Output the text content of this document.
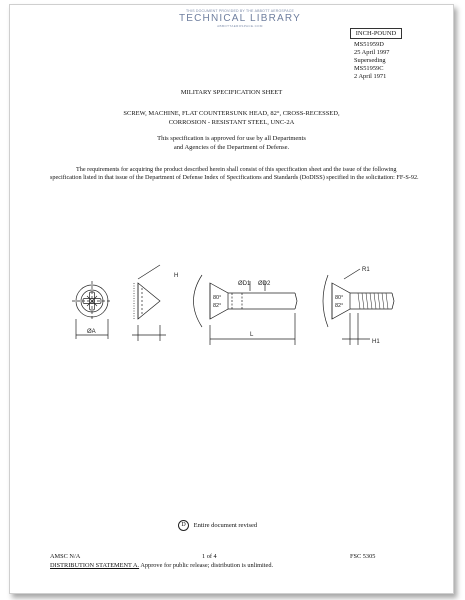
THIS DOCUMENT PROVIDED BY THE ABBOTT AEROSPACE
TECHNICAL LIBRARY
ABBOTTAEROSPACE.COM
INCH-POUND
MS51959D
25 April 1997
Superseding
MS51959C
2 April 1971
MILITARY SPECIFICATION SHEET
SCREW, MACHINE, FLAT COUNTERSUNK HEAD, 82°, CROSS-RECESSED,
CORROSION - RESISTANT STEEL, UNC-2A
This specification is approved for use by all Departments
and Agencies of the Department of Defense.
The requirements for acquiring the product described herein shall consist of this specification sheet and the issue of the following specification listed in that issue of the Department of Defense Index of Specifications and Standards (DoDISS) specified in the solicitation: FF-S-92.
ØA
H
ØD1 ØD2
80°
82°
L
R1
80°
82°
H1
D Entire document revised
AMSC N/A	1 of 4	FSC 5305
DISTRIBUTION STATEMENT A. Approve for public release; distribution is unlimited.
